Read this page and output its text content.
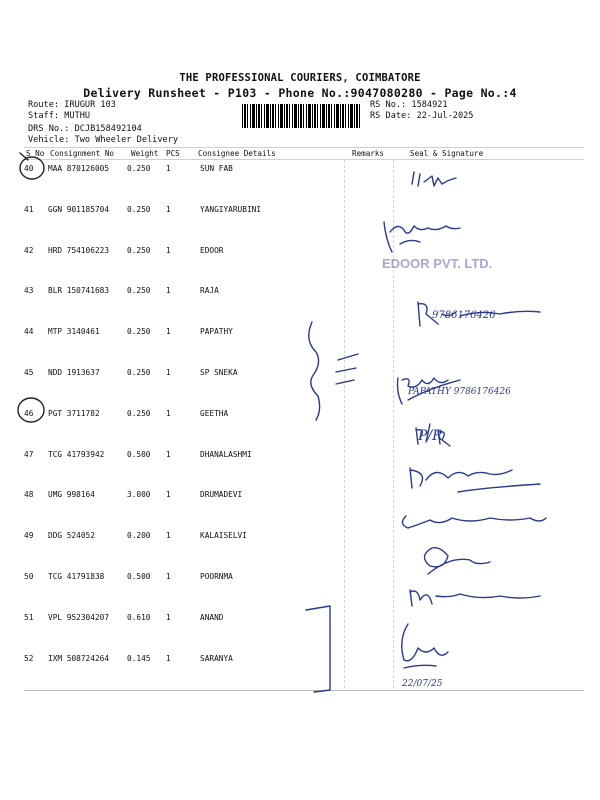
THE PROFESSIONAL COURIERS, COIMBATORE
Delivery Runsheet - P103 - Phone No.:9047080280 - Page No.:4
Route: IRUGUR 103
Staff: MUTHU
DRS No.: DCJB158492104
Vehicle: Two Wheeler Delivery
RS No.: 1584921
RS Date: 22-Jul-2025
S No Consignment No Weight PCS Consignee Details	Remarks	Seal & Signature
40 MAA 870126005 0.250 1	SUN FAB
41 GGN 901185704 0.250 1	YANGIYARUBINI
42 HRD 754106223 0.250 1	EDOOR
43 BLR 150741683 0.250 1	RAJA
44 MTP 3140461	0.250 1	PAPATHY
45 NDD 1913637	0.250 1	SP SNEKA
46 PGT 3711782	0.250 1	GEETHA
47 TCG 41793942	0.500 1	DHANALASHMI
48 UMG 998164	3.000 1	DRUMADEVI
49 DDG 524052	0.200 1	KALAISELVI
50 TCG 41791838	0.500 1	POORNMA
51 VPL 952304207 0.610 1	ANAND
52 IXM 508724264 0.145 1	SARANYA
EDOOR PVT. LTD.
9786176426
PAPATHY 9786176426
P/R
22/07/25
